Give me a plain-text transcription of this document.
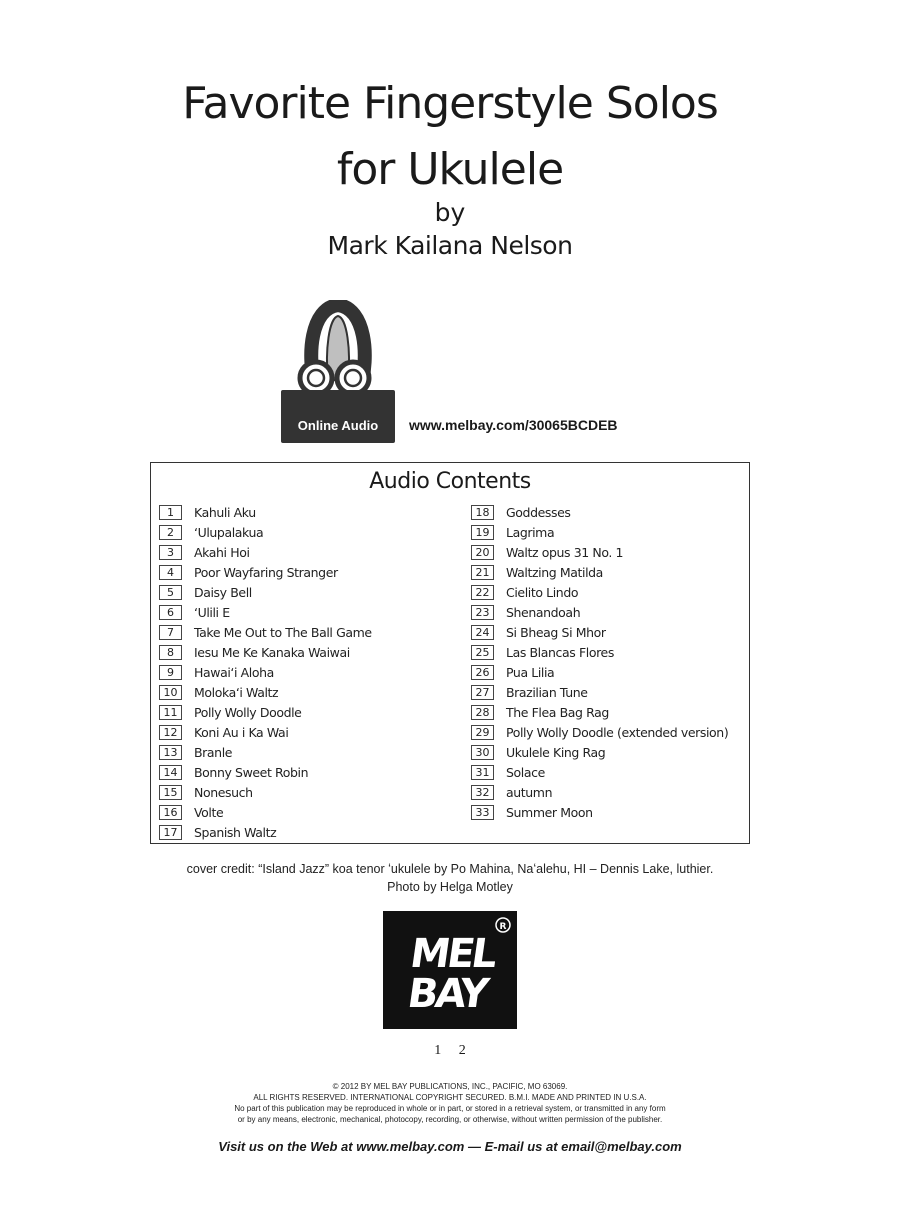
Favorite Fingerstyle Solos
for Ukulele
by
Mark Kailana Nelson
Online Audio	www.melbay.com/30065BCDEB
Audio Contents
1	Kahuli Aku
2	ʻUlupalakua
3	Akahi Hoi
4	Poor Wayfaring Stranger
5	Daisy Bell
6	ʻUlili E
7	Take Me Out to The Ball Game
8	Iesu Me Ke Kanaka Waiwai
9	Hawaiʻi Aloha
10	Molokaʻi Waltz
11	Polly Wolly Doodle
12	Koni Au i Ka Wai
13	Branle
14	Bonny Sweet Robin
15	Nonesuch
16	Volte
17	Spanish Waltz
18	Goddesses
19	Lagrima
20	Waltz opus 31 No. 1
21	Waltzing Matilda
22	Cielito Lindo
23	Shenandoah
24	Si Bheag Si Mhor
25	Las Blancas Flores
26	Pua Lilia
27	Brazilian Tune
28	The Flea Bag Rag
29	Polly Wolly Doodle (extended version)
30	Ukulele King Rag
31	Solace
32	autumn
33	Summer Moon
cover credit: “Island Jazz” koa tenor ʻukulele by Po Mahina, Naʻalehu, HI – Dennis Lake, luthier.
Photo by Helga Motley
MEL
BAY
R
1 2
© 2012 BY MEL BAY PUBLICATIONS, INC., PACIFIC, MO 63069.
ALL RIGHTS RESERVED. INTERNATIONAL COPYRIGHT SECURED. B.M.I. MADE AND PRINTED IN U.S.A.
No part of this publication may be reproduced in whole or in part, or stored in a retrieval system, or transmitted in any form
or by any means, electronic, mechanical, photocopy, recording, or otherwise, without written permission of the publisher.
Visit us on the Web at www.melbay.com — E-mail us at email@melbay.com
